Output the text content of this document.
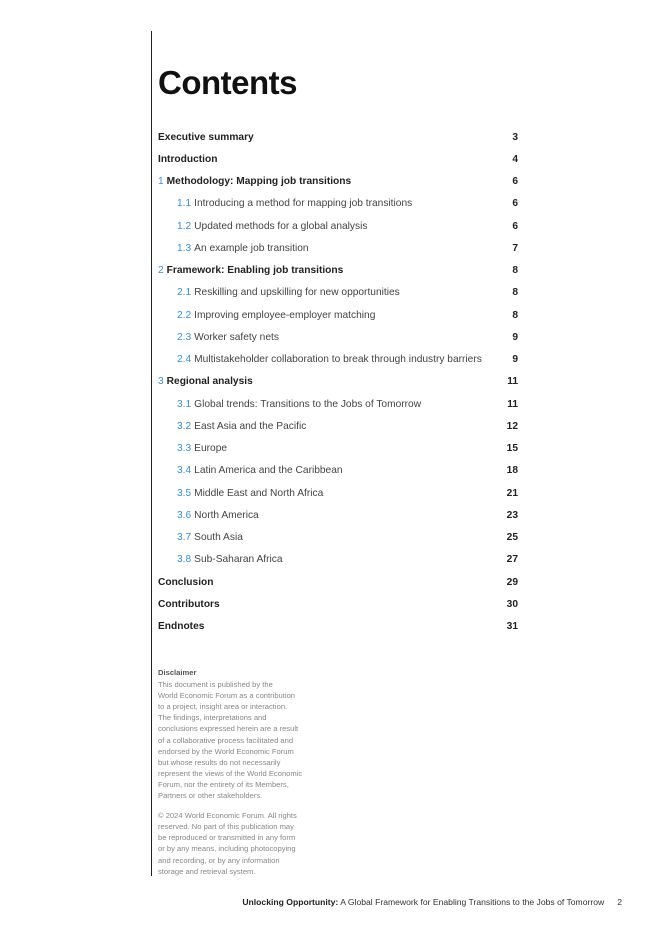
Contents
Executive summary	3
Introduction	4
1 Methodology: Mapping job transitions	6
1.1 Introducing a method for mapping job transitions	6
1.2 Updated methods for a global analysis	6
1.3 An example job transition	7
2 Framework: Enabling job transitions	8
2.1 Reskilling and upskilling for new opportunities	8
2.2 Improving employee-employer matching	8
2.3 Worker safety nets	9
2.4 Multistakeholder collaboration to break through industry barriers	9
3 Regional analysis	11
3.1 Global trends: Transitions to the Jobs of Tomorrow	11
3.2 East Asia and the Pacific	12
3.3 Europe	15
3.4 Latin America and the Caribbean	18
3.5 Middle East and North Africa	21
3.6 North America	23
3.7 South Asia	25
3.8 Sub-Saharan Africa	27
Conclusion	29
Contributors	30
Endnotes	31
Disclaimer

This document is published by the
World Economic Forum as a contribution
to a project, insight area or interaction.
The findings, interpretations and
conclusions expressed herein are a result
of a collaborative process facilitated and
endorsed by the World Economic Forum
but whose results do not necessarily
represent the views of the World Economic
Forum, nor the entirety of its Members,
Partners or other stakeholders.

© 2024 World Economic Forum. All rights
reserved. No part of this publication may
be reproduced or transmitted in any form
or by any means, including photocopying
and recording, or by any information
storage and retrieval system.

Unlocking Opportunity: A Global Framework for Enabling Transitions to the Jobs of Tomorrow 2
